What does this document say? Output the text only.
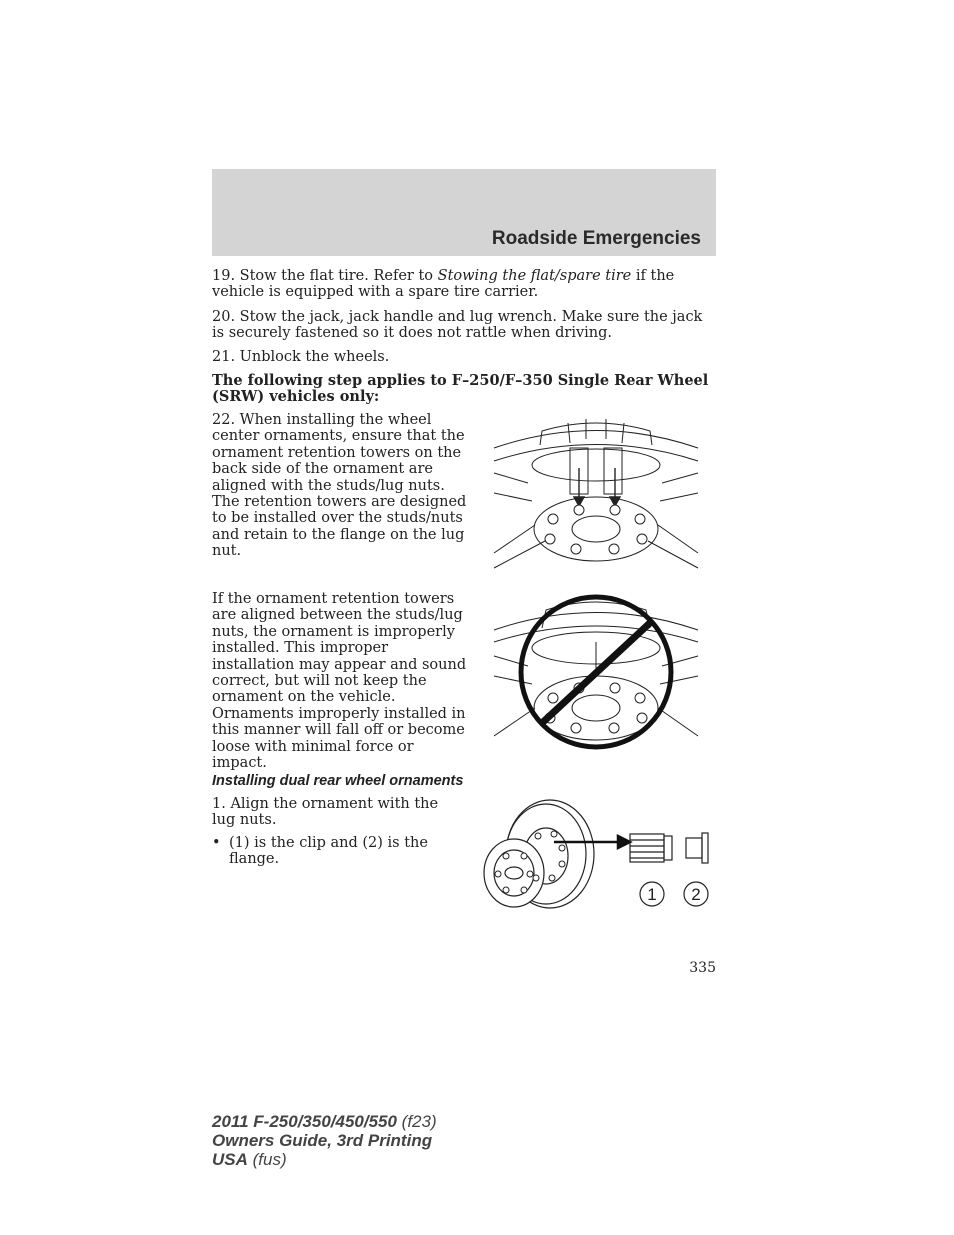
Roadside Emergencies

19. Stow the flat tire. Refer to Stowing the flat/spare tire if the vehicle is equipped with a spare tire carrier.

20. Stow the jack, jack handle and lug wrench. Make sure the jack is securely fastened so it does not rattle when driving.

21. Unblock the wheels.

The following step applies to F–250/F–350 Single Rear Wheel (SRW) vehicles only:

22. When installing the wheel center ornaments, ensure that the ornament retention towers on the back side of the ornament are aligned with the studs/lug nuts. The retention towers are designed to be installed over the studs/nuts and retain to the flange on the lug nut.

If the ornament retention towers are aligned between the studs/lug nuts, the ornament is improperly installed. This improper installation may appear and sound correct, but will not keep the ornament on the vehicle. Ornaments improperly installed in this manner will fall off or become loose with minimal force or impact.

Installing dual rear wheel ornaments

1. Align the ornament with the lug nuts.

• (1) is the clip and (2) is the flange.
1 2
335
2011 F-250/350/450/550 (f23)
Owners Guide, 3rd Printing
USA (fus)
